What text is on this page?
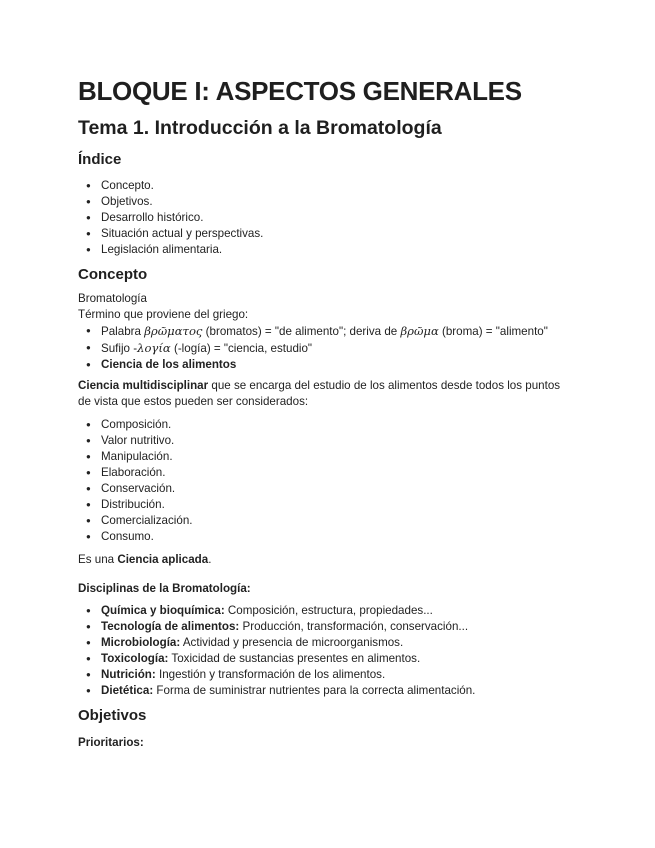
BLOQUE I: ASPECTOS GENERALES
Tema 1. Introducción a la Bromatología
Índice
● Concepto.
● Objetivos.
● Desarrollo histórico.
● Situación actual y perspectivas.
● Legislación alimentaria.
Concepto
Bromatología
Término que proviene del griego:
● Palabra βρῶματος (bromatos) = "de alimento"; deriva de βρῶμα (broma) = "alimento"
● Sufijo -λογία (-logía) = "ciencia, estudio"
● Ciencia de los alimentos
Ciencia multidisciplinar que se encarga del estudio de los alimentos desde todos los puntos
de vista que estos pueden ser considerados:
● Composición.
● Valor nutritivo.
● Manipulación.
● Elaboración.
● Conservación.
● Distribución.
● Comercialización.
● Consumo.
Es una Ciencia aplicada.
Disciplinas de la Bromatología:
● Química y bioquímica: Composición, estructura, propiedades...
● Tecnología de alimentos: Producción, transformación, conservación...
● Microbiología: Actividad y presencia de microorganismos.
● Toxicología: Toxicidad de sustancias presentes en alimentos.
● Nutrición: Ingestión y transformación de los alimentos.
● Dietética: Forma de suministrar nutrientes para la correcta alimentación.
Objetivos
Prioritarios:
